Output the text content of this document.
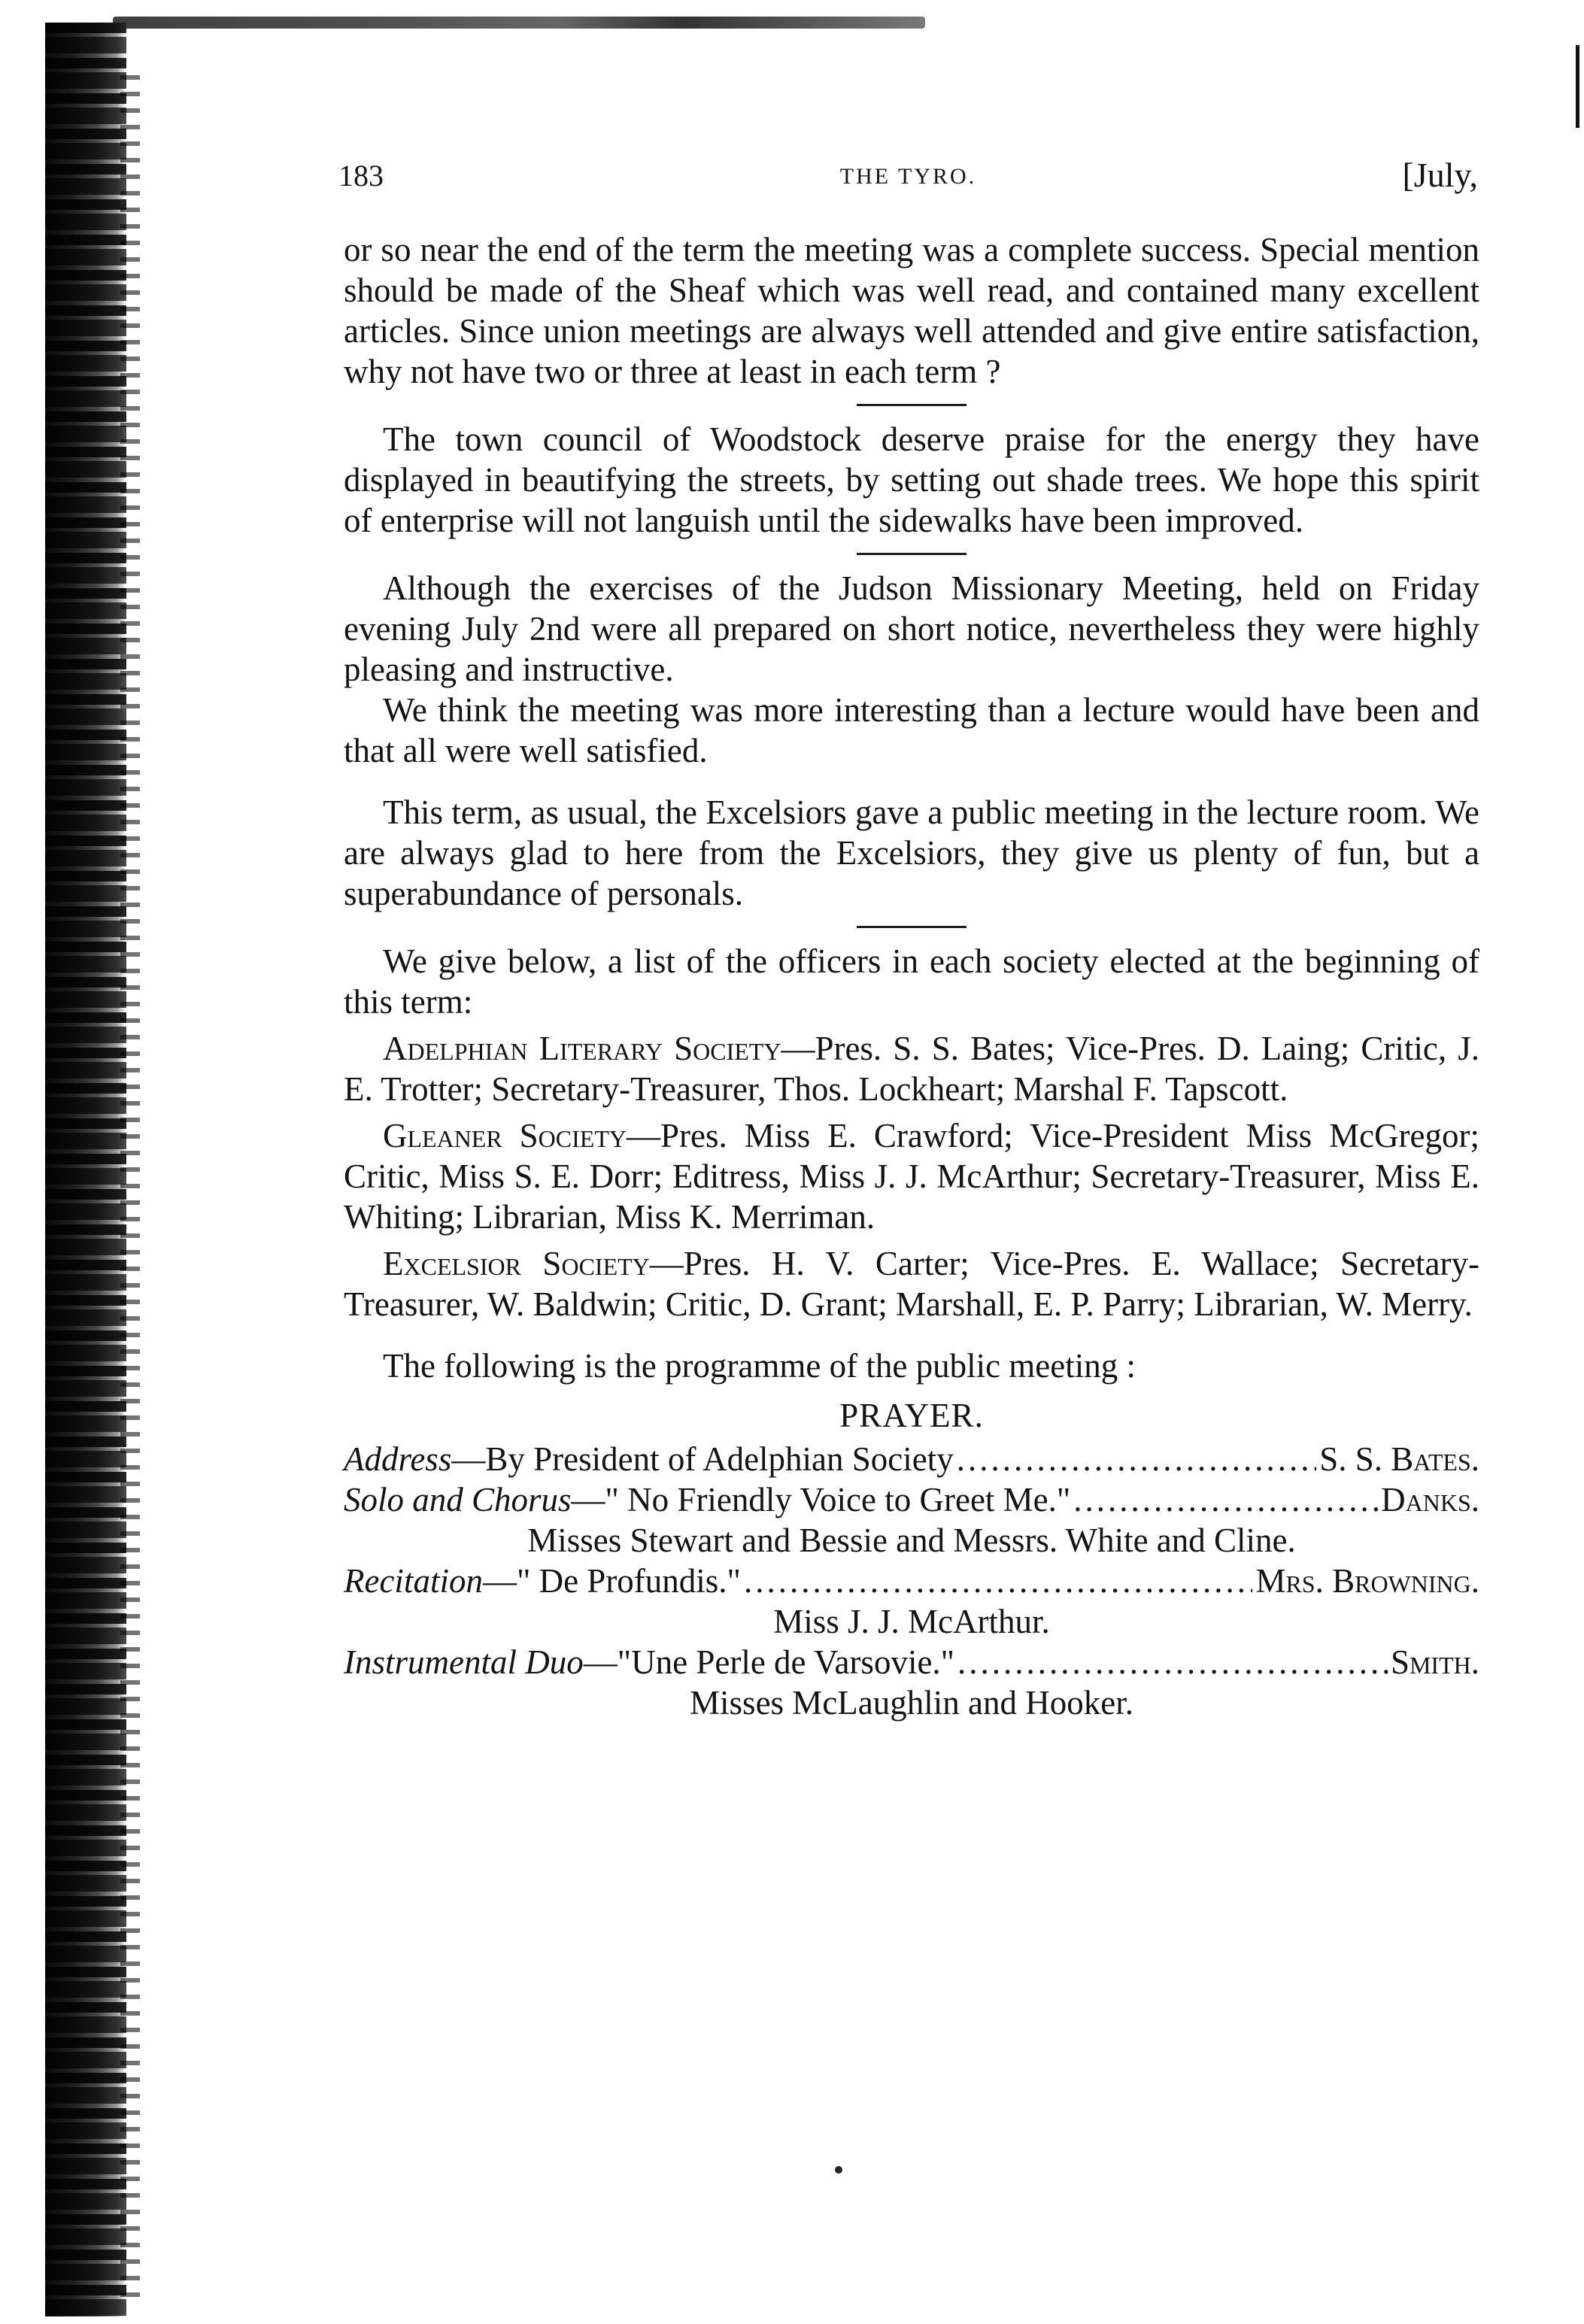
183	THE TYRO.	[July,

or so near the end of the term the meeting was a complete success. Special mention should be made of the Sheaf which was well read, and contained many excellent articles. Since union meetings are always well attended and give entire satisfaction, why not have two or three at least in each term ?

The town council of Woodstock deserve praise for the energy they have displayed in beautifying the streets, by setting out shade trees. We hope this spirit of enterprise will not languish until the sidewalks have been improved.

Although the exercises of the Judson Missionary Meeting, held on Friday evening July 2nd were all prepared on short notice, nevertheless they were highly pleasing and instructive.

We think the meeting was more interesting than a lecture would have been and that all were well satisfied.

This term, as usual, the Excelsiors gave a public meeting in the lecture room. We are always glad to here from the Excelsiors, they give us plenty of fun, but a superabundance of personals.

We give below, a list of the officers in each society elected at the beginning of this term:

Adelphian Literary Society—Pres. S. S. Bates; Vice-Pres. D. Laing; Critic, J. E. Trotter; Secretary-Treasurer, Thos. Lockheart; Marshal F. Tapscott.

Gleaner Society—Pres. Miss E. Crawford; Vice-President Miss McGregor; Critic, Miss S. E. Dorr; Editress, Miss J. J. McArthur; Secretary-Treasurer, Miss E. Whiting; Librarian, Miss K. Merriman.

Excelsior Society—Pres. H. V. Carter; Vice-Pres. E. Wallace; Secretary-Treasurer, W. Baldwin; Critic, D. Grant; Marshall, E. P. Parry; Librarian, W. Merry.

The following is the programme of the public meeting :

PRAYER.
Address —By President of Adelphian Society .....	S. S. Bates.
Solo and Chorus —" No Friendly Voice to Greet Me." .....	Danks.
Misses Stewart and Bessie and Messrs. White and Cline.
Recitation —" De Profundis." .....	Mrs. Browning.
Miss J. J. McArthur.
Instrumental Duo —"Une Perle de Varsovie." .....	Smith.
Misses McLaughlin and Hooker.
